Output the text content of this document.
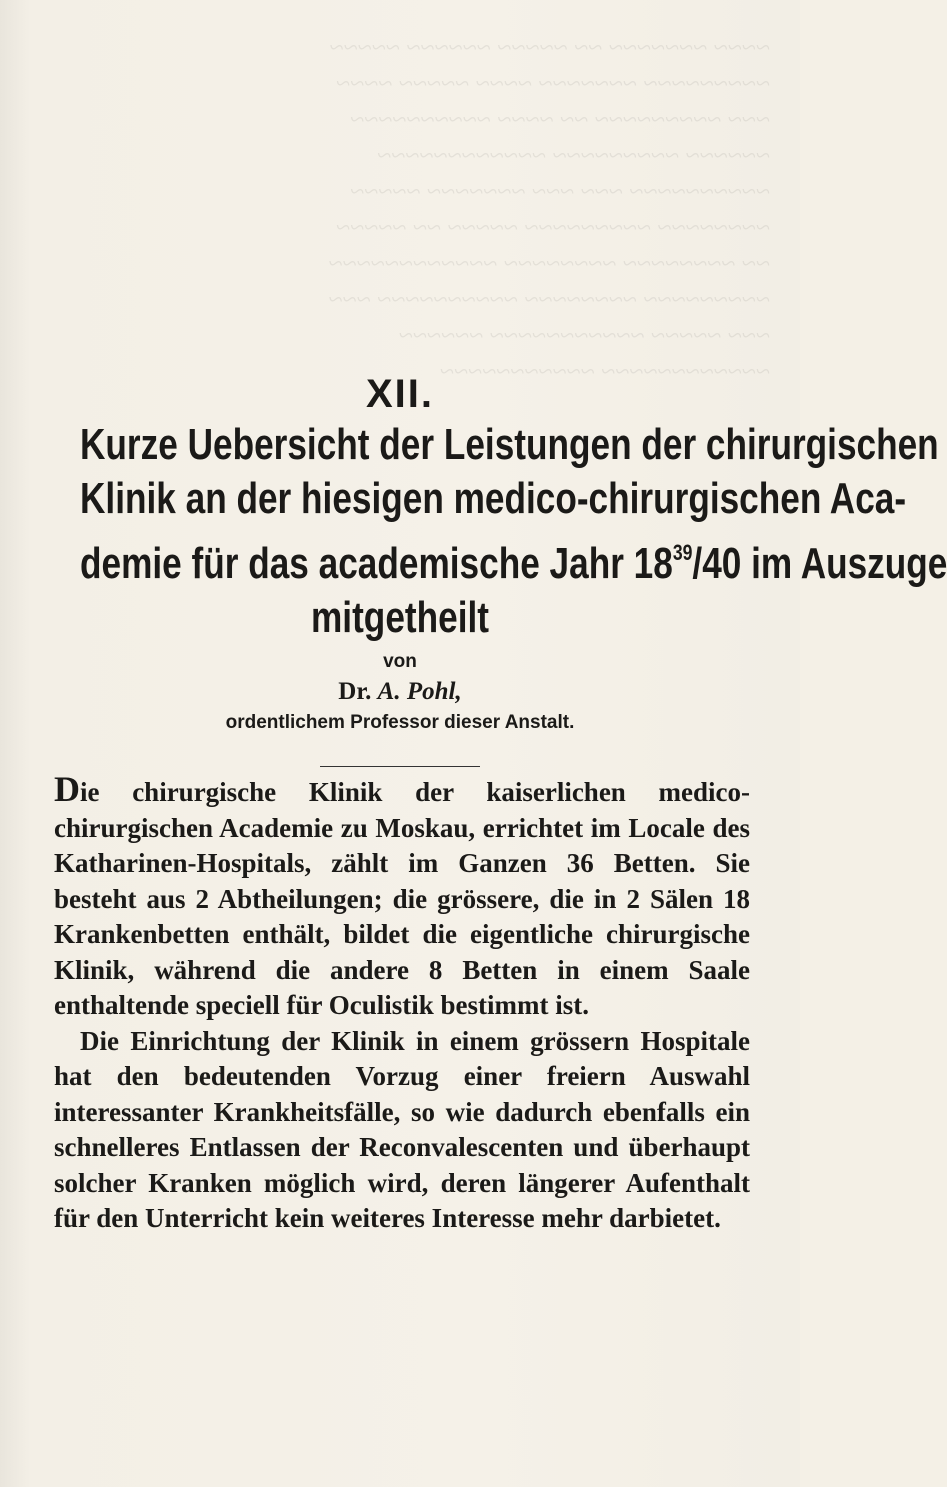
~~~~ ~~~~~~~ ~~ ~~~~~ ~~~~~~ ~~~~~
~~~~~~~~~ ~~~~~~~ ~~~~ ~~~~~ ~~~~
~~~ ~~~~~~~~~ ~~ ~~~~ ~~~~~~~~~~
~~~~~~ ~~~~~~~~~ ~~~~~~~~~~~~
~~~~~~~~~~ ~~~ ~~~ ~~~~~~~ ~~~~~
~~~~~~~~ ~~~~~~~~~ ~~~~~ ~~ ~~~~~
~~ ~~~~~~~~ ~~~~~~~~ ~~~~~~~~~~~~
~~~~~~~~~ ~~~~~~~~ ~~~~~~~~~~ ~~~
~~~ ~~~~~ ~~~~~~~~~~~ ~~~~~~
~~~~~~~~~~~~ ~~~~~~~~~~~
XII.
Kurze Uebersicht der Leistungen der chirurgischen
Klinik an der hiesigen medico-chirurgischen Aca-
demie für das academische Jahr $18^{39}/40$ im Auszuge
mitgetheilt
von
Dr. A. Pohl,
ordentlichem Professor dieser Anstalt.

Die chirurgische Klinik der kaiserlichen medico-chirurgischen Academie zu Moskau, errichtet im Locale des Katharinen-Hospitals, zählt im Ganzen 36 Betten. Sie besteht aus 2 Abtheilungen; die grössere, die in 2 Sälen 18 Krankenbetten enthält, bildet die eigentliche chirurgische Klinik, während die andere 8 Betten in einem Saale enthaltende speciell für Oculistik bestimmt ist.

Die Einrichtung der Klinik in einem grössern Hospitale hat den bedeutenden Vorzug einer freiern Auswahl interessanter Krankheitsfälle, so wie dadurch ebenfalls ein schnelleres Entlassen der Reconvalescenten und überhaupt solcher Kranken möglich wird, deren längerer Aufenthalt für den Unterricht kein weiteres Interesse mehr darbietet.
